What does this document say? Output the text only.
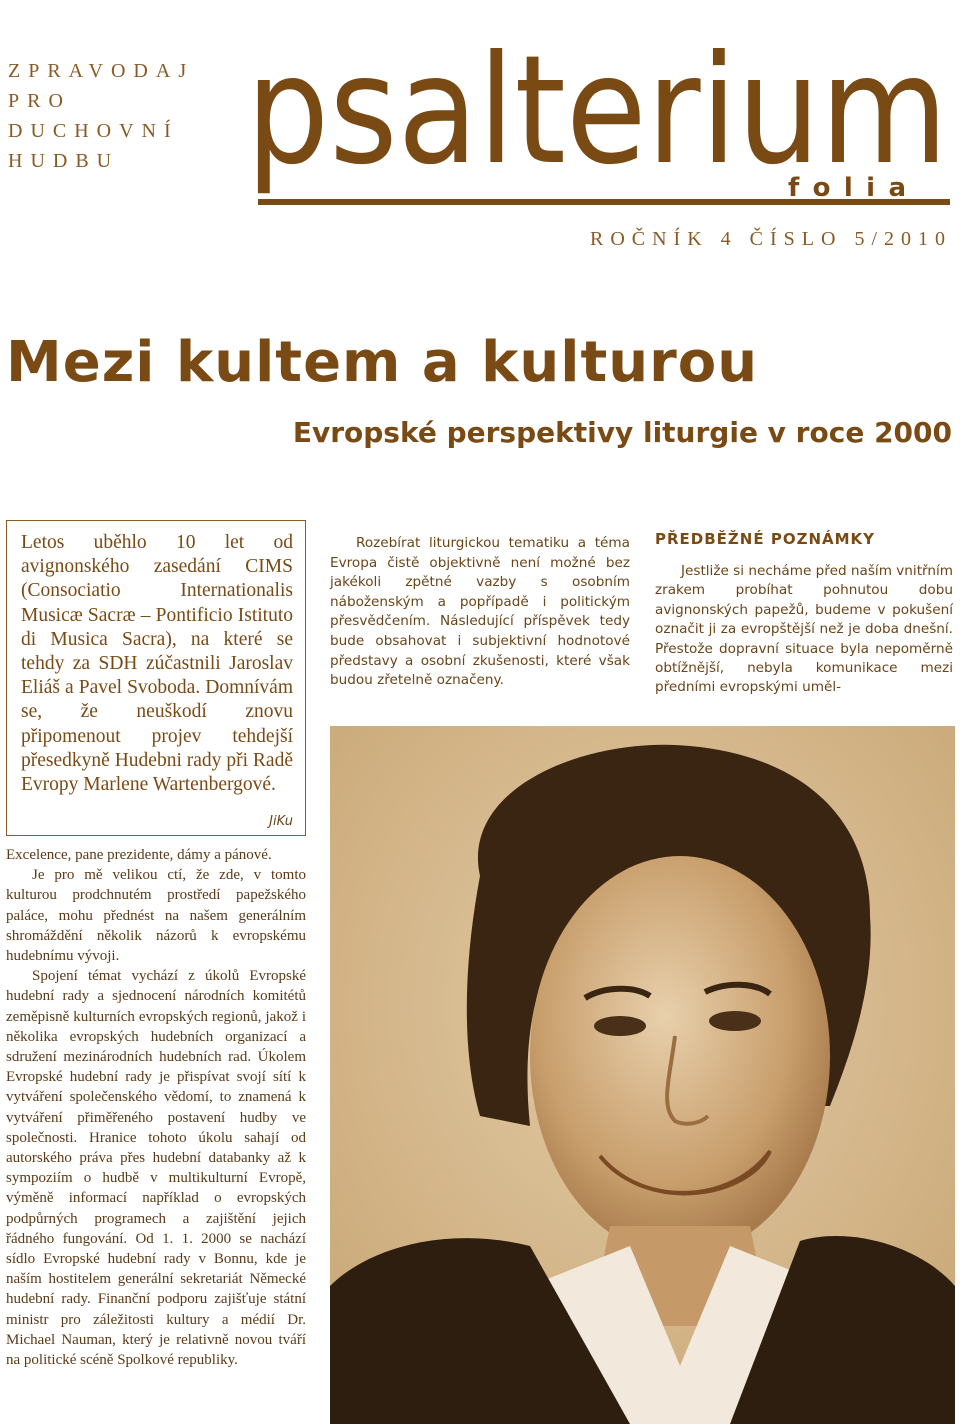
ZPRAVODAJ
PRO
DUCHOVNÍ
HUDBU psalterium
folia
ROČNÍK 4 ČÍSLO 5/2010
Mezi kultem a kulturou
Evropské perspektivy liturgie v roce 2000
Letos uběhlo 10 let od avignonského zasedání CIMS (Consociatio Internationalis Musicæ Sacræ – Pontificio Istituto di Musica Sacra), na které se tehdy za SDH zúčastnili Jaroslav Eliáš a Pavel Svoboda. Domnívám se, že neuškodí znovu připomenout projev tehdejší přesedkyně Hudebni rady při Radě Evropy Marlene Wartenbergové.
JiKu

Excelence, pane prezidente, dámy a pánové.

Je pro mě velikou ctí, že zde, v tomto kulturou prodchnutém prostředí papežského paláce, mohu přednést na našem generálním shromáždění několik názorů k evropskému hudebnímu vývoji.

Spojení témat vychází z úkolů Evropské hudební rady a sjednocení národních komitétů zeměpisně kulturních evropských regionů, jakož i několika evropských hudebních organizací a sdružení mezinárodních hudebních rad. Úkolem Evropské hudební rady je přispívat svojí sítí k vytváření společenského vědomí, to znamená k vytváření přiměřeného postavení hudby ve společnosti. Hranice tohoto úkolu sahají od autorského práva přes hudební databanky až k sympoziím o hudbě v multikulturní Evropě, výměně informací například o evropských podpůrných programech a zajištění jejich řádného fungování. Od 1. 1. 2000 se nachází sídlo Evropské hudební rady v Bonnu, kde je naším hostitelem generální sekretariát Německé hudební rady. Finanční podporu zajišťuje státní ministr pro záležitosti kultury a médií Dr. Michael Nauman, který je relativně novou tváří na politické scéně Spolkové republiky.

Rozebírat liturgickou tematiku a téma Evropa čistě objektivně není možné bez jakékoli zpětné vazby s osobním náboženským a popřípadě i politickým přesvědčením. Následující příspěvek tedy bude obsahovat i subjektivní hodnotové představy a osobní zkušenosti, které však budou zřetelně označeny.

PŘEDBĚŽNÉ POZNÁMKY

Jestliže si necháme před naším vnitřním zrakem probíhat pohnutou dobu avignonských papežů, budeme v pokušení označit ji za evropštější než je doba dnešní. Přestože dopravní situace byla nepoměrně obtížnější, nebyla komunikace mezi předními evropskými uměl-
